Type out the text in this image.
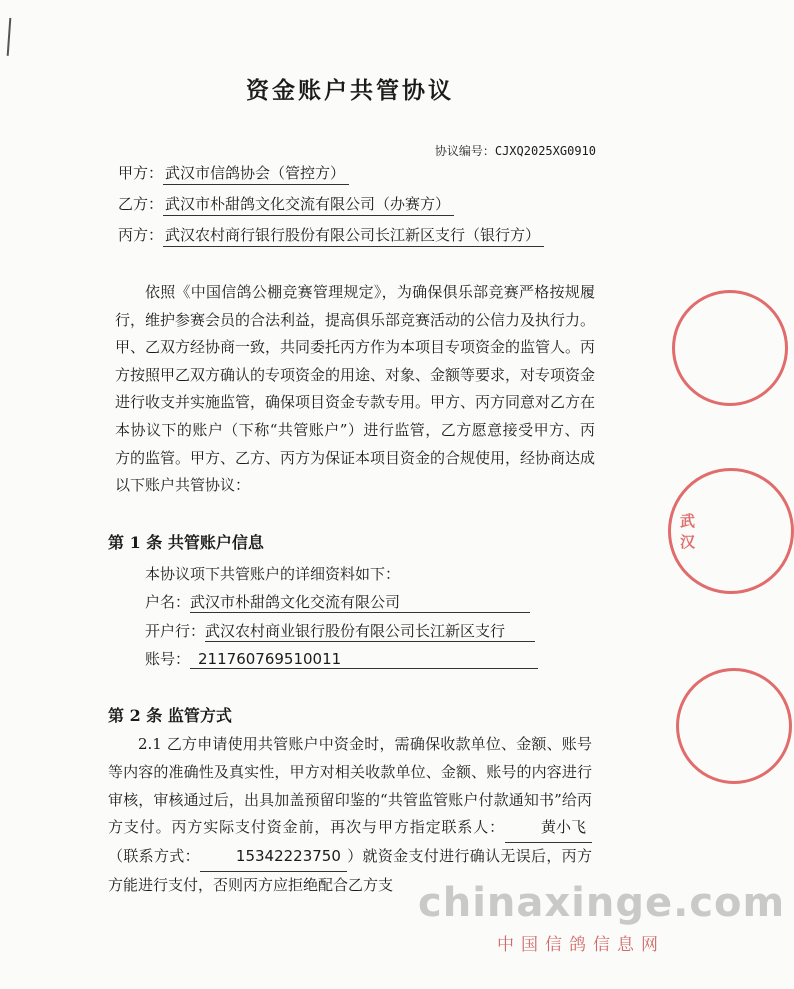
资金账户共管协议
协议编号：CJXQ2025XG0910
甲方： 武汉市信鸽协会（管控方）
乙方： 武汉市朴甜鸽文化交流有限公司（办赛方）
丙方： 武汉农村商行银行股份有限公司长江新区支行（银行方）

依照《中国信鸽公棚竞赛管理规定》，为确保俱乐部竞赛严格按规履行，维护参赛会员的合法利益，提高俱乐部竞赛活动的公信力及执行力。甲、乙双方经协商一致，共同委托丙方作为本项目专项资金的监管人。丙方按照甲乙双方确认的专项资金的用途、对象、金额等要求，对专项资金进行收支并实施监管，确保项目资金专款专用。甲方、丙方同意对乙方在本协议下的账户（下称“共管账户”）进行监管，乙方愿意接受甲方、丙方的监管。甲方、乙方、丙方为保证本项目资金的合规使用，经协商达成以下账户共管协议：

第 1 条 共管账户信息
本协议项下共管账户的详细资料如下：
户名：武汉市朴甜鸽文化交流有限公司
开户行：武汉农村商业银行股份有限公司长江新区支行
账号： 211760769510011
第 2 条 监管方式

2.1 乙方申请使用共管账户中资金时，需确保收款单位、金额、账号等内容的准确性及真实性，甲方对相关收款单位、金额、账号的内容进行审核，审核通过后，出具加盖预留印鉴的“共管监管账户付款通知书”给丙方支付。丙方实际支付资金前，再次与甲方指定联系人： 黄小飞（联系方式： 15342223750 ）就资金支付进行确认无误后，丙方方能进行支付，否则丙方应拒绝配合乙方支

武汉
chinaxinge.com
中国信鸽信息网
